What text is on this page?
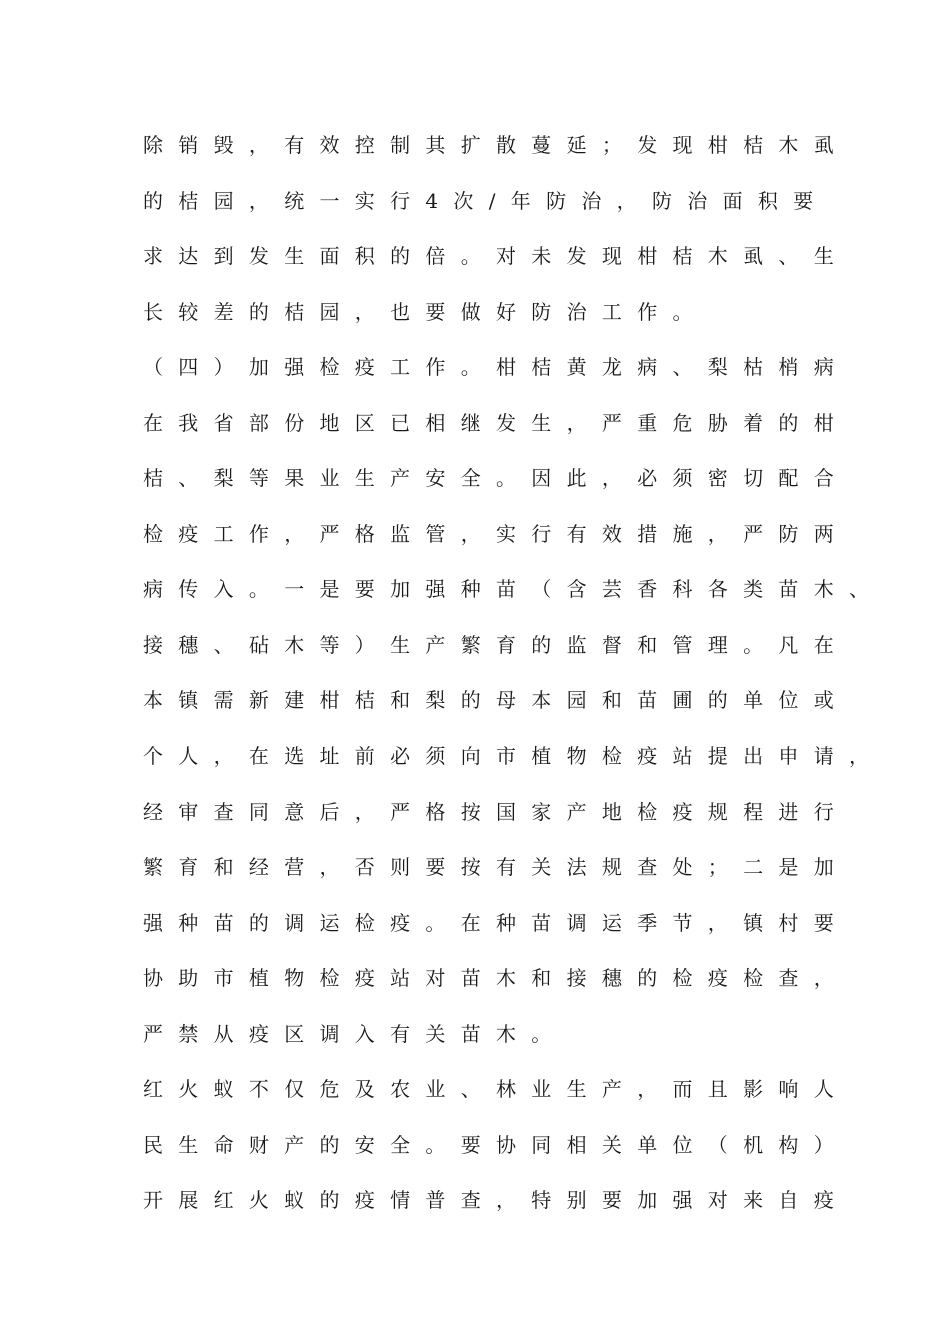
除销毁，有效控制其扩散蔓延；发现柑桔木虱
的桔园，统一实行4次/年防治，防治面积要
求达到发生面积的倍。对未发现柑桔木虱、生
长较差的桔园，也要做好防治工作。
（四）加强检疫工作。柑桔黄龙病、梨枯梢病
在我省部份地区已相继发生，严重危胁着的柑
桔、梨等果业生产安全。因此，必须密切配合
检疫工作，严格监管，实行有效措施，严防两
病传入。一是要加强种苗（含芸香科各类苗木、
接穗、砧木等）生产繁育的监督和管理。凡在
本镇需新建柑桔和梨的母本园和苗圃的单位或
个人，在选址前必须向市植物检疫站提出申请，
经审查同意后，严格按国家产地检疫规程进行
繁育和经营，否则要按有关法规查处；二是加
强种苗的调运检疫。在种苗调运季节，镇村要
协助市植物检疫站对苗木和接穗的检疫检查，
严禁从疫区调入有关苗木。
红火蚁不仅危及农业、林业生产，而且影响人
民生命财产的安全。要协同相关单位（机构）
开展红火蚁的疫情普查，特别要加强对来自疫
